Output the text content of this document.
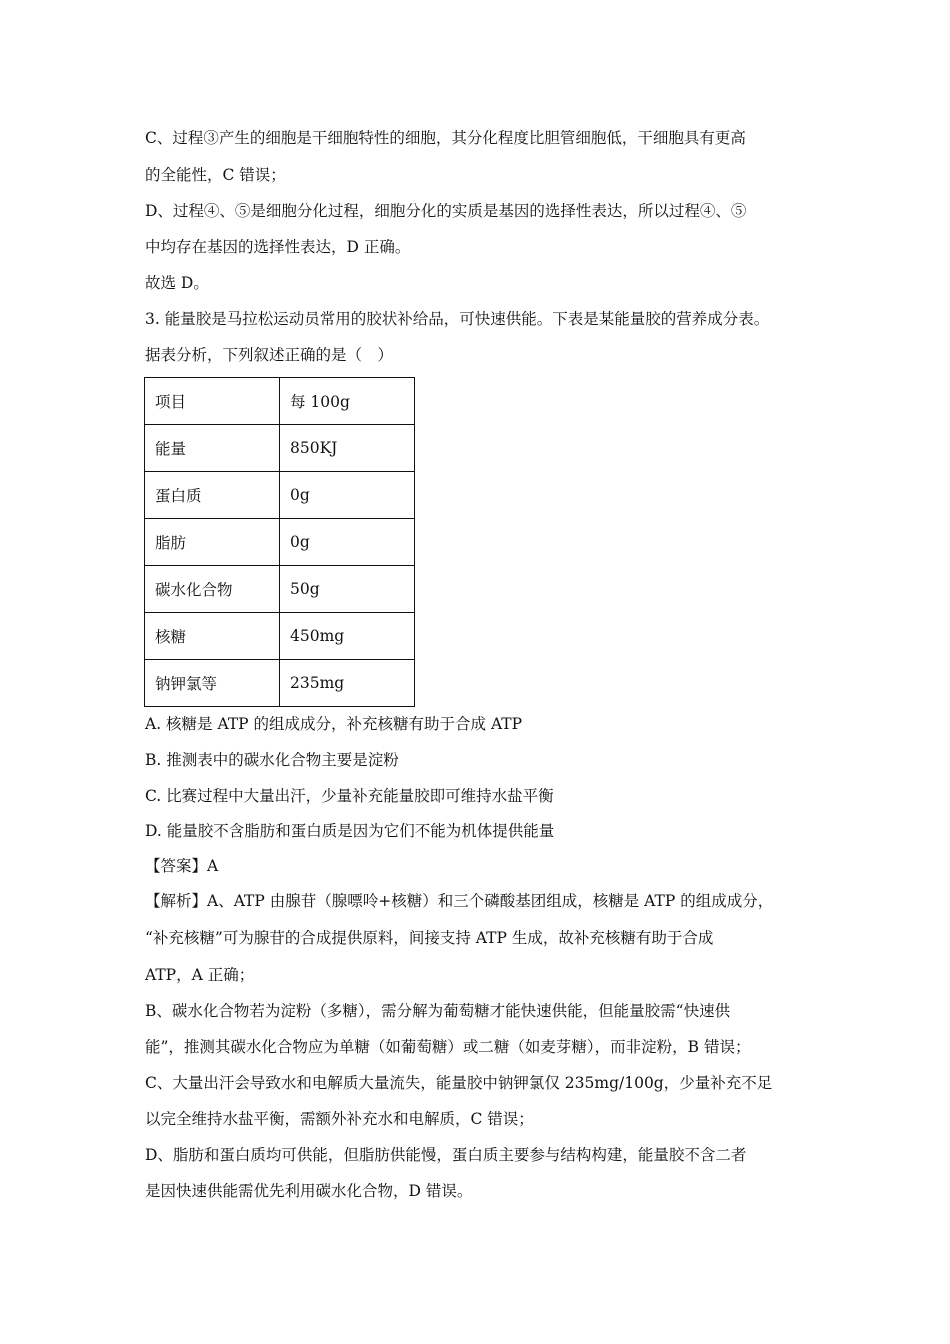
C、过程③产生的细胞是干细胞特性的细胞，其分化程度比胆管细胞低，干细胞具有更高
的全能性，C 错误；
D、过程④、⑤是细胞分化过程，细胞分化的实质是基因的选择性表达，所以过程④、⑤
中均存在基因的选择性表达，D 正确。
故选 D。
3. 能量胶是马拉松运动员常用的胶状补给品，可快速供能。下表是某能量胶的营养成分表。
据表分析，下列叙述正确的是（　）
项目	每 100g
能量	850KJ
蛋白质	0g
脂肪	0g
碳水化合物	50g
核糖	450mg
钠钾氯等	235mg
A. 核糖是 ATP 的组成成分，补充核糖有助于合成 ATP
B. 推测表中的碳水化合物主要是淀粉
C. 比赛过程中大量出汗，少量补充能量胶即可维持水盐平衡
D. 能量胶不含脂肪和蛋白质是因为它们不能为机体提供能量
【答案】A
【解析】A、ATP 由腺苷（腺嘌呤+核糖）和三个磷酸基团组成，核糖是 ATP 的组成成分，
“补充核糖”可为腺苷的合成提供原料，间接支持 ATP 生成，故补充核糖有助于合成
ATP，A 正确；
B、碳水化合物若为淀粉（多糖），需分解为葡萄糖才能快速供能，但能量胶需“快速供
能”，推测其碳水化合物应为单糖（如葡萄糖）或二糖（如麦芽糖），而非淀粉，B 错误；
C、大量出汗会导致水和电解质大量流失，能量胶中钠钾氯仅 235mg/100g，少量补充不足
以完全维持水盐平衡，需额外补充水和电解质，C 错误；
D、脂肪和蛋白质均可供能，但脂肪供能慢，蛋白质主要参与结构构建，能量胶不含二者
是因快速供能需优先利用碳水化合物，D 错误。
